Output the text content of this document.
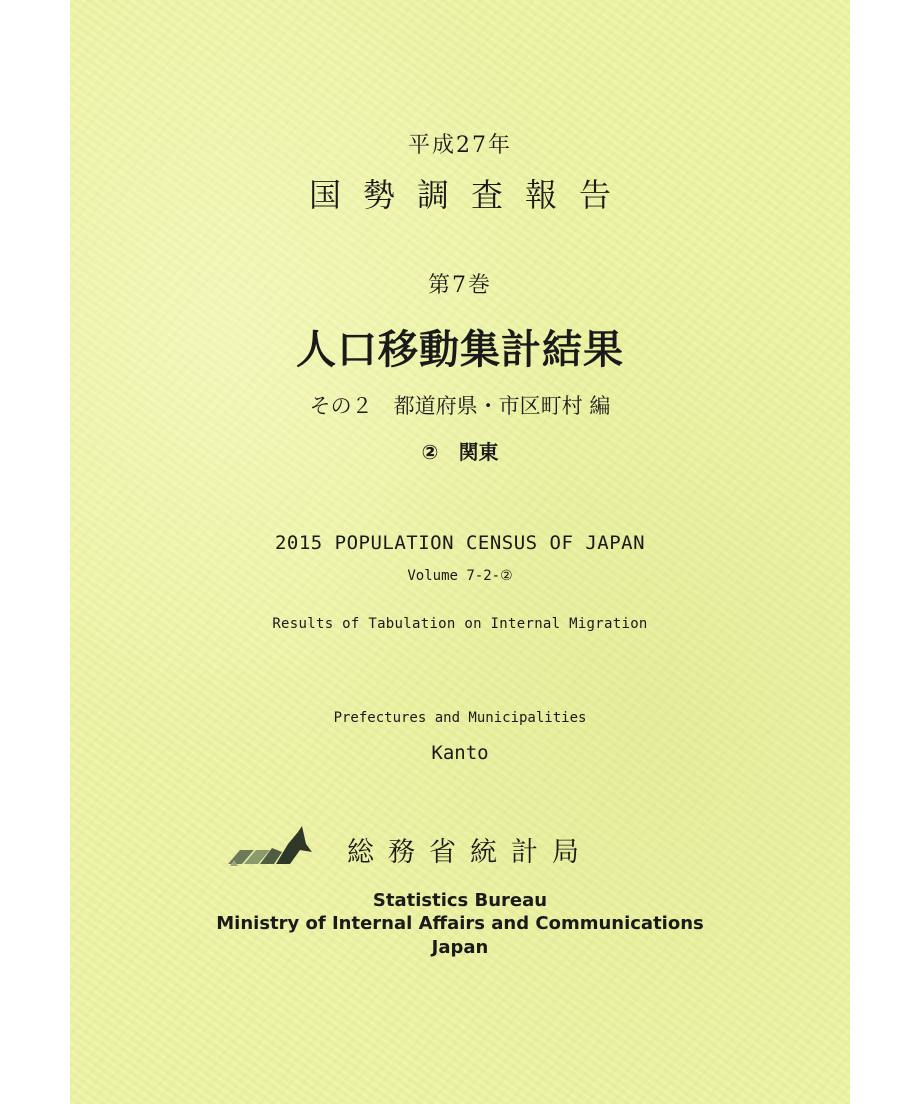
平成27年
国勢調査報告
第7巻
人口移動集計結果
その２　都道府県・市区町村 編
②　関東
2015 POPULATION CENSUS OF JAPAN
Volume 7-2-②
Results of Tabulation on Internal Migration
Prefectures and Municipalities
Kanto
総務省統計局
Statistics Bureau
Ministry of Internal Affairs and Communications
Japan
